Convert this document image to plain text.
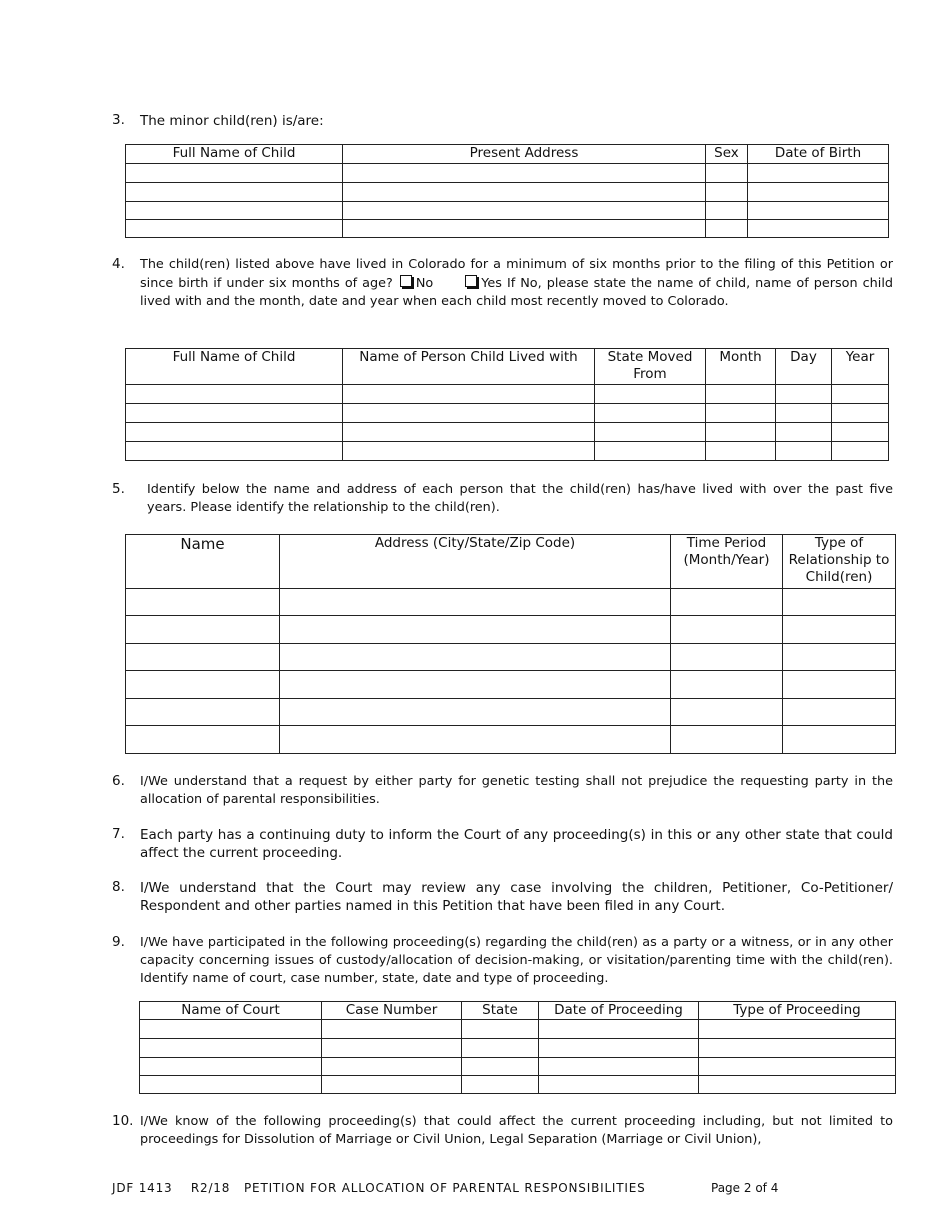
3. The minor child(ren) is/are:
Full Name of Child	Present Address	Sex	Date of Birth

4. The child(ren) listed above have lived in Colorado for a minimum of six months prior to the filing of this Petition or since birth if under six months of age? No	Yes If No, please state the name of child, name of person child lived with and the month, date and year when each child most recently moved to Colorado.
Full Name of Child	Name of Person Child Lived with	State Moved From	Month	Day	Year

5. Identify below the name and address of each person that the child(ren) has/have lived with over the past five years. Please identify the relationship to the child(ren).
Name	Address (City/State/Zip Code)	Time Period (Month/Year)	Type of Relationship to Child(ren)

6. I/We understand that a request by either party for genetic testing shall not prejudice the requesting party in the allocation of parental responsibilities.
7. Each party has a continuing duty to inform the Court of any proceeding(s) in this or any other state that could affect the current proceeding.
8. I/We understand that the Court may review any case involving the children, Petitioner, Co-Petitioner/ Respondent and other parties named in this Petition that have been filed in any Court.
9. I/We have participated in the following proceeding(s) regarding the child(ren) as a party or a witness, or in any other capacity concerning issues of custody/allocation of decision-making, or visitation/parenting time with the child(ren). Identify name of court, case number, state, date and type of proceeding.
Name of Court	Case Number	State	Date of Proceeding	Type of Proceeding

10. I/We know of the following proceeding(s) that could affect the current proceeding including, but not limited to proceedings for Dissolution of Marriage or Civil Union, Legal Separation (Marriage or Civil Union),
JDF 1413    R2/18   PETITION FOR ALLOCATION OF PARENTAL RESPONSIBILITIES	Page 2 of 4
